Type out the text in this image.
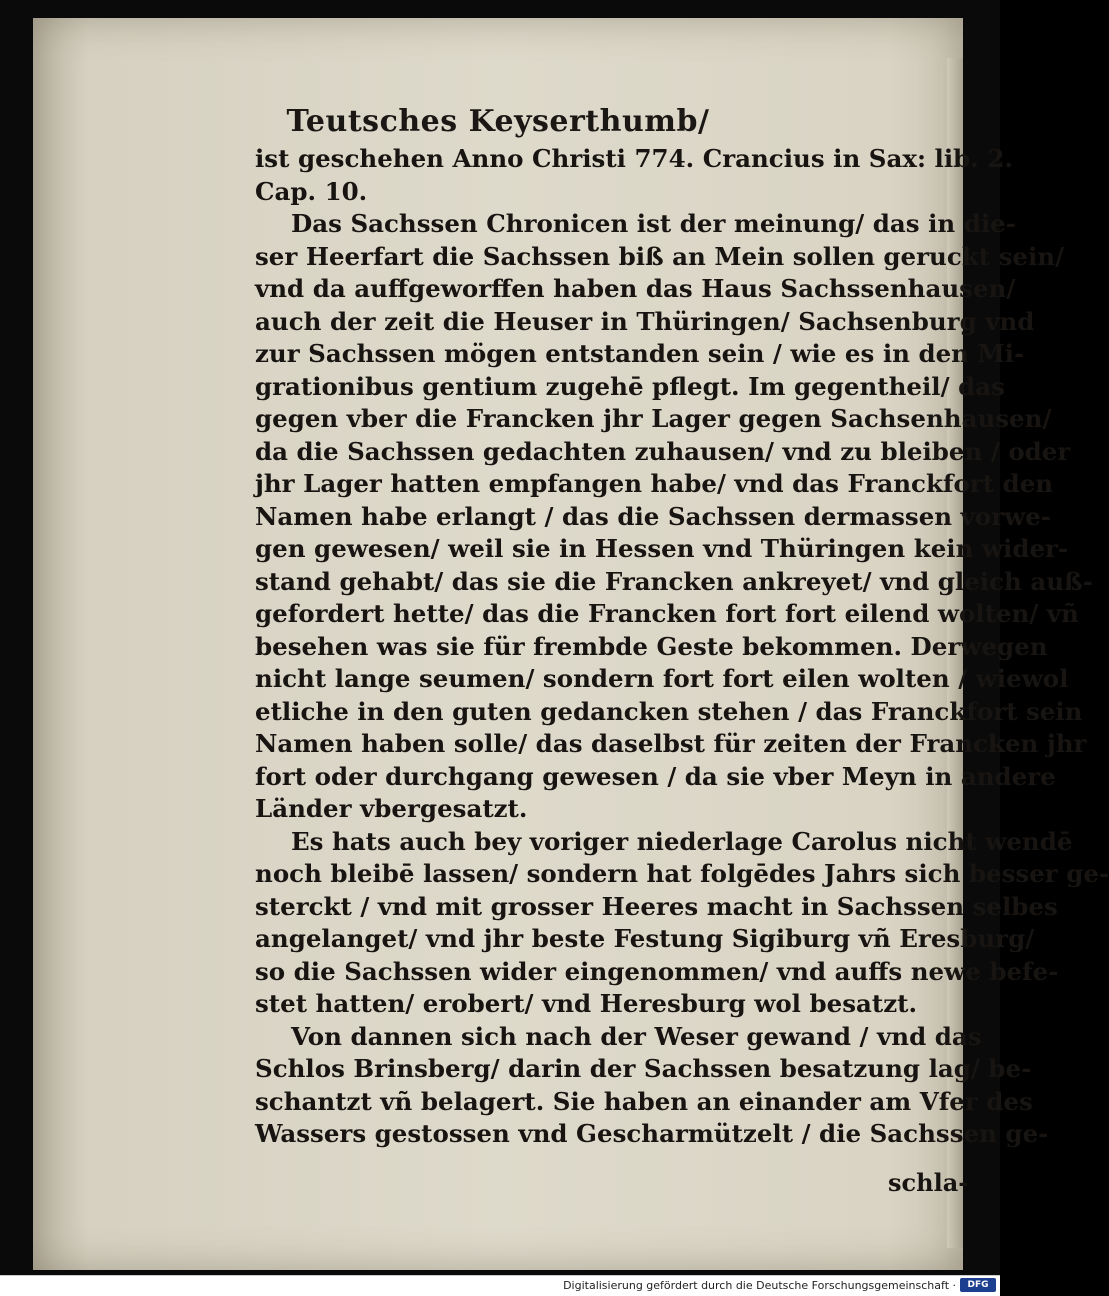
Teutsches Keyserthumb/
ist geschehen Anno Christi 774. Crancius in Sax: lib. 2.
Cap. 10.
Das Sachssen Chronicen ist der meinung/ das in die-
ser Heerfart die Sachssen biß an Mein sollen geruckt sein/
vnd da auffgeworffen haben das Haus Sachssenhausen/
auch der zeit die Heuser in Thüringen/ Sachsenburg vnd
zur Sachssen mögen entstanden sein / wie es in den Mi-
grationibus gentium zugehē pflegt. Im gegentheil/ das
gegen vber die Francken jhr Lager gegen Sachsenhausen/
da die Sachssen gedachten zuhausen/ vnd zu bleiben / oder
jhr Lager hatten empfangen habe/ vnd das Franckfort den
Namen habe erlangt / das die Sachssen dermassen vorwe-
gen gewesen/ weil sie in Hessen vnd Thüringen kein wider-
stand gehabt/ das sie die Francken ankreyet/ vnd gleich auß-
gefordert hette/ das die Francken fort fort eilend wolten/ vñ
besehen was sie für frembde Geste bekommen. Derwegen
nicht lange seumen/ sondern fort fort eilen wolten / wiewol
etliche in den guten gedancken stehen / das Franckfort sein
Namen haben solle/ das daselbst für zeiten der Francken jhr
fort oder durchgang gewesen / da sie vber Meyn in andere
Länder vbergesatzt.
Es hats auch bey voriger niederlage Carolus nicht wendē
noch bleibē lassen/ sondern hat folgēdes Jahrs sich besser ge-
sterckt / vnd mit grosser Heeres macht in Sachssen selbes
angelanget/ vnd jhr beste Festung Sigiburg vñ Eresburg/
so die Sachssen wider eingenommen/ vnd auffs newe befe-
stet hatten/ erobert/ vnd Heresburg wol besatzt.
Von dannen sich nach der Weser gewand / vnd das
Schlos Brinsberg/ darin der Sachssen besatzung lag/ be-
schantzt vñ belagert. Sie haben an einander am Vfer des
Wassers gestossen vnd Gescharmützelt / die Sachssen ge-
schla-
Digitalisierung gefördert durch die Deutsche Forschungsgemeinschaft ·	DFG
